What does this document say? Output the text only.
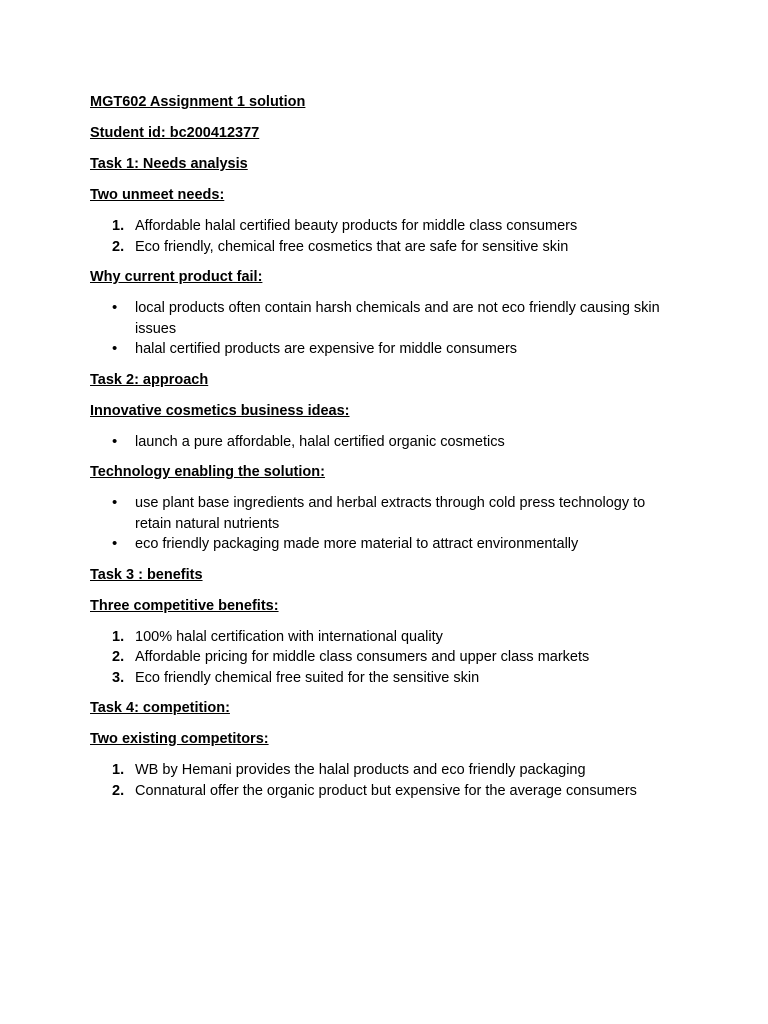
MGT602 Assignment 1 solution

Student id: bc200412377

Task 1: Needs analysis

Two unmeet needs:

1. Affordable halal certified beauty products for middle class consumers
2. Eco friendly, chemical free cosmetics that are safe for sensitive skin

Why current product fail:

• local products often contain harsh chemicals and are not eco friendly causing skin issues
• halal certified products are expensive for middle consumers

Task 2: approach

Innovative cosmetics business ideas:

• launch a pure affordable, halal certified organic cosmetics

Technology enabling the solution:

• use plant base ingredients and herbal extracts through cold press technology to retain natural nutrients
• eco friendly packaging made more material to attract environmentally

Task 3 : benefits

Three competitive benefits:

1. 100% halal certification with international quality
2. Affordable pricing for middle class consumers and upper class markets
3. Eco friendly chemical free suited for the sensitive skin

Task 4: competition:

Two existing competitors:

1. WB by Hemani provides the halal products and eco friendly packaging
2. Connatural offer the organic product but expensive for the average consumers
